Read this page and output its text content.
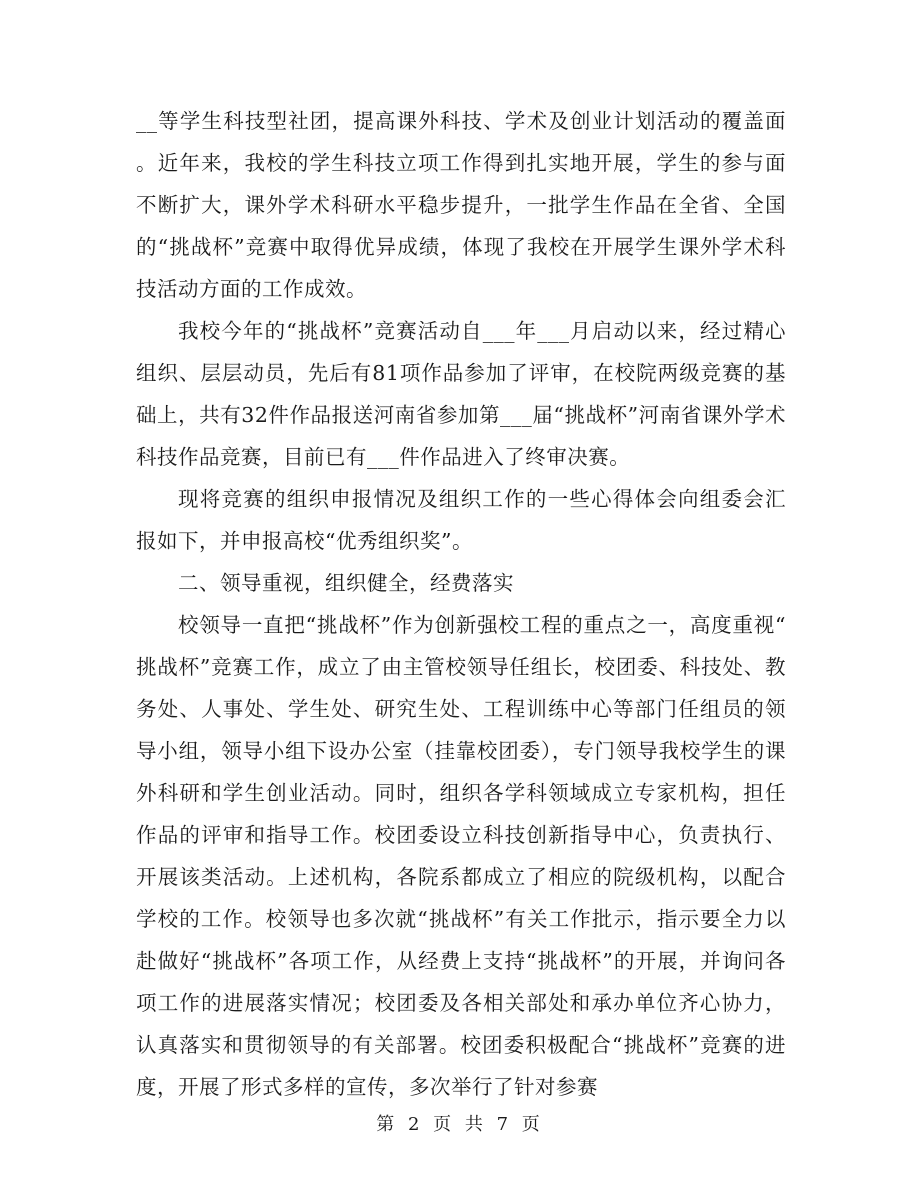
__等学生科技型社团，提高课外科技、学术及创业计划活动的覆盖面。近年来，我校的学生科技立项工作得到扎实地开展，学生的参与面不断扩大，课外学术科研水平稳步提升，一批学生作品在全省、全国的“挑战杯”竞赛中取得优异成绩，体现了我校在开展学生课外学术科技活动方面的工作成效。

我校今年的“挑战杯”竞赛活动自___年___月启动以来，经过精心组织、层层动员，先后有81项作品参加了评审，在校院两级竞赛的基础上，共有32件作品报送河南省参加第___届“挑战杯”河南省课外学术科技作品竞赛，目前已有___件作品进入了终审决赛。

现将竞赛的组织申报情况及组织工作的一些心得体会向组委会汇报如下，并申报高校“优秀组织奖”。

二、领导重视，组织健全，经费落实

校领导一直把“挑战杯”作为创新强校工程的重点之一，高度重视“挑战杯”竞赛工作，成立了由主管校领导任组长，校团委、科技处、教务处、人事处、学生处、研究生处、工程训练中心等部门任组员的领导小组，领导小组下设办公室（挂靠校团委），专门领导我校学生的课外科研和学生创业活动。同时，组织各学科领域成立专家机构，担任作品的评审和指导工作。校团委设立科技创新指导中心，负责执行、开展该类活动。上述机构，各院系都成立了相应的院级机构，以配合学校的工作。校领导也多次就“挑战杯”有关工作批示，指示要全力以赴做好“挑战杯”各项工作，从经费上支持“挑战杯”的开展，并询问各项工作的进展落实情况；校团委及各相关部处和承办单位齐心协力，认真落实和贯彻领导的有关部署。校团委积极配合“挑战杯”竞赛的进度，开展了形式多样的宣传，多次举行了针对参赛

第 2 页 共 7 页
